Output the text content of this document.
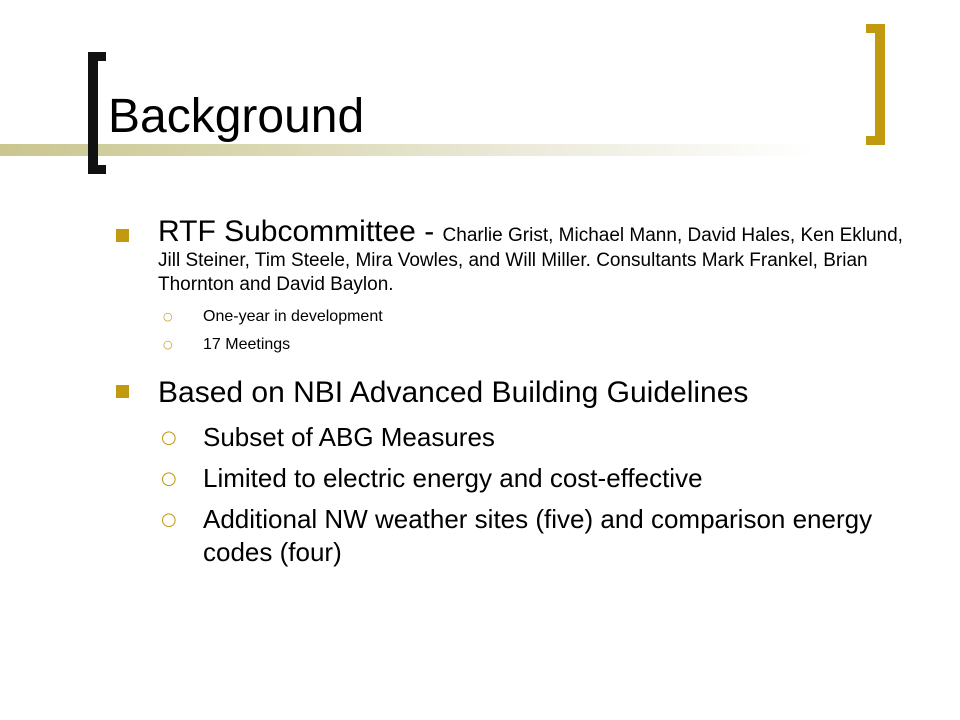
Background
RTF Subcommittee - Charlie Grist, Michael Mann, David Hales, Ken Eklund, Jill Steiner, Tim Steele, Mira Vowles, and Will Miller. Consultants Mark Frankel, Brian Thornton and David Baylon.
○ One-year in development
○ 17 Meetings
Based on NBI Advanced Building Guidelines
○ Subset of ABG Measures
○ Limited to electric energy and cost-effective
○ Additional NW weather sites (five) and comparison energy codes (four)
